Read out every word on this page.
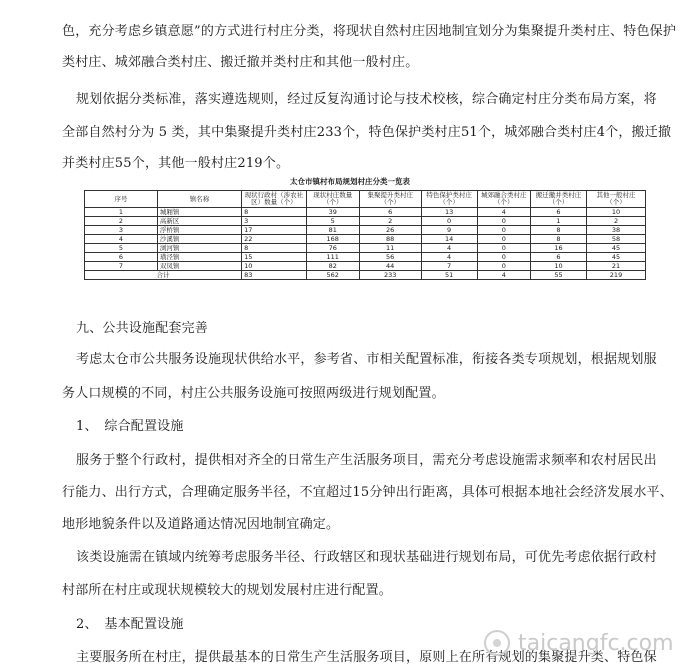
色，充分考虑乡镇意愿”的方式进行村庄分类，将现状自然村庄因地制宜划分为集聚提升类村庄、特色保护
类村庄、城郊融合类村庄、搬迁撤并类村庄和其他一般村庄。
规划依据分类标准，落实遵选规则，经过反复沟通讨论与技术校核，综合确定村庄分类布局方案，将
全部自然村分为 5 类，其中集聚提升类村庄233个，特色保护类村庄51个，城郊融合类村庄4个，搬迁撤
并类村庄55个，其他一般村庄219个。
太仓市镇村布局规划村庄分类一览表
序号	镇名称	现状行政村（涉农社区）数量（个）	现状村庄数量（个）	集聚提升类村庄（个）	特色保护类村庄（个）	城郊融合类村庄（个）	搬迁撤并类村庄（个）	其他一般村庄（个）
1	城厢镇	8	39	6	13	4	6	10
2	高新区	3	5	2	0	0	1	2
3	浮桥镇	17	81	26	9	0	8	38
4	沙溪镇	22	168	88	14	0	8	58
5	浏河镇	8	76	11	4	0	16	45
6	璜泾镇	15	111	56	4	0	6	45
7	双凤镇	10	82	44	7	0	10	21
合计		83	562	233	51	4	55	219
九、公共设施配套完善
考虑太仓市公共服务设施现状供给水平，参考省、市相关配置标准，衔接各类专项规划，根据规划服
务人口规模的不同，村庄公共服务设施可按照两级进行规划配置。
1、　综合配置设施
服务于整个行政村，提供相对齐全的日常生产生活服务项目，需充分考虑设施需求频率和农村居民出
行能力、出行方式，合理确定服务半径，不宜超过15分钟出行距离，具体可根据本地社会经济发展水平、
地形地貌条件以及道路通达情况因地制宜确定。
该类设施需在镇域内统筹考虑服务半径、行政辖区和现状基础进行规划布局，可优先考虑依据行政村
村部所在村庄或现状规模较大的规划发展村庄进行配置。
2、　基本配置设施
主要服务所在村庄，提供最基本的日常生产生活服务项目，原则上在所有规划的集聚提升类、特色保
taicangfc.com
